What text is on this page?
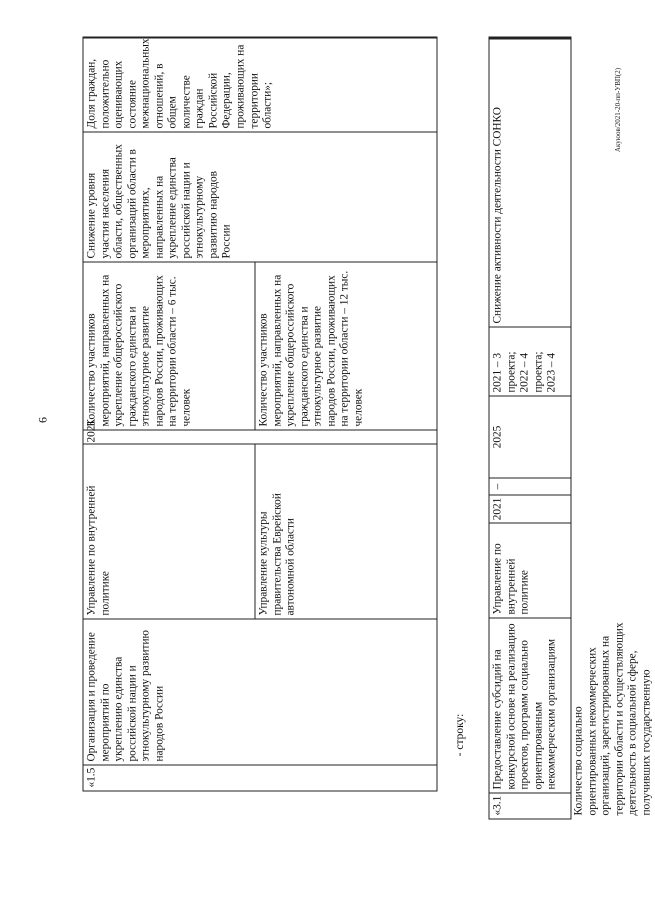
6
Акуюов/2021-20-пп-УВП(2)
- строку:
«1.5
Организация и проведение мероприятий по укреплению единства российской нации и этнокультурному развитию народов России
Управление по внутренней политике
2021
Количество участников мероприятий, направленных на укрепление общероссийского гражданского единства и этнокультурное развитие народов России, проживающих на территории области – 6 тыс. человек
Снижение уровня участия населения области, общественных организаций области в мероприятиях, направленных на укрепление единства российской нации и этнокультурному развитию народов России
Доля граждан, положительно оценивающих состояние межнациональных отношений, в общем количестве граждан Российской Федерации, проживающих на территории области»;
Управление культуры правительства Еврейской автономной области
Количество участников мероприятий, направленных на укрепление общероссийского гражданского единства и этнокультурное развитие народов России, проживающих на территории области – 12 тыс. человек
«3.1
Предоставление субсидий на конкурсной основе на реализацию проектов, программ социально ориентированным некоммерческим организациям
Управление по внутренней политике
2021
–
2025
2021 – 3 проекта; 2022 – 4 проекта; 2023 – 4
Снижение активности деятельности СОНКО
Количество социально ориентированных некоммерческих организаций, зарегистрированных на территории области и осуществляющих деятельность в социальной сфере, получивших государственную
